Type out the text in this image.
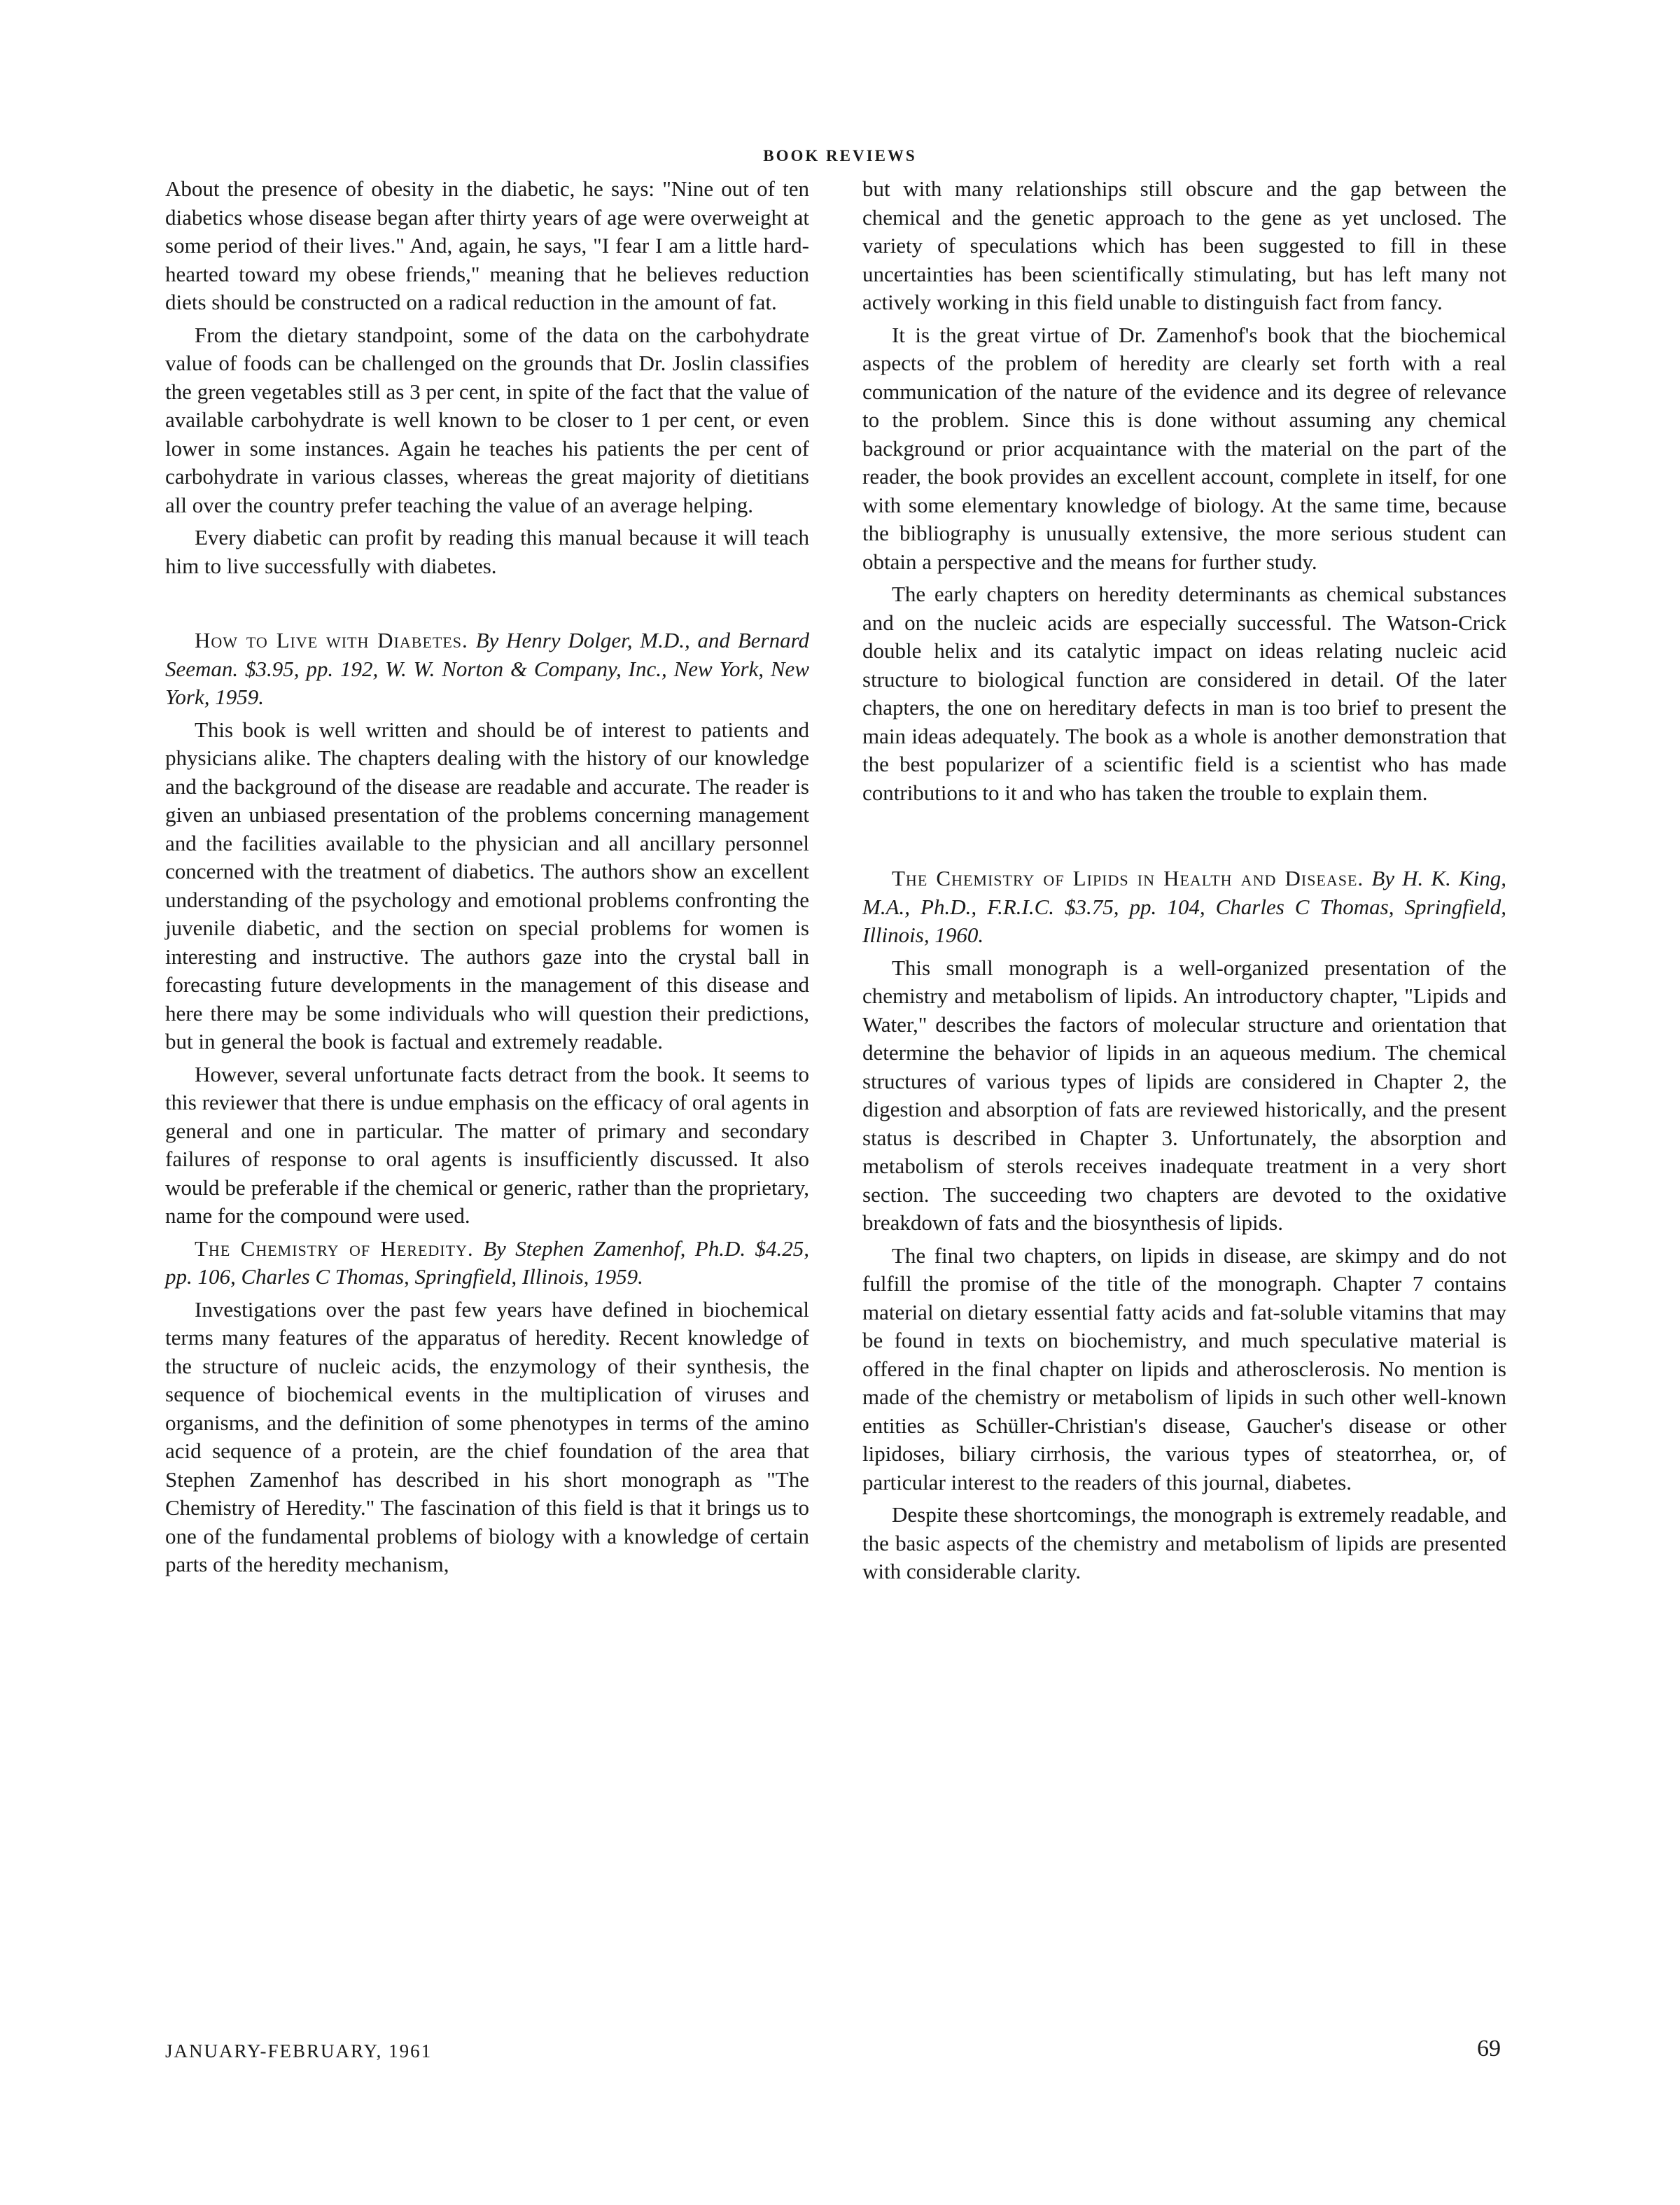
BOOK REVIEWS

About the presence of obesity in the diabetic, he says: "Nine out of ten diabetics whose disease began after thirty years of age were overweight at some period of their lives." And, again, he says, "I fear I am a little hard-hearted toward my obese friends," meaning that he believes reduction diets should be constructed on a radical reduction in the amount of fat.

From the dietary standpoint, some of the data on the carbohydrate value of foods can be challenged on the grounds that Dr. Joslin classifies the green vegetables still as 3 per cent, in spite of the fact that the value of available carbohydrate is well known to be closer to 1 per cent, or even lower in some instances. Again he teaches his patients the per cent of carbohydrate in various classes, whereas the great majority of dietitians all over the country prefer teaching the value of an average helping.

Every diabetic can profit by reading this manual because it will teach him to live successfully with diabetes.

How to Live with Diabetes. By Henry Dolger, M.D., and Bernard Seeman. $3.95, pp. 192, W. W. Norton & Company, Inc., New York, New York, 1959.

This book is well written and should be of interest to patients and physicians alike. The chapters dealing with the history of our knowledge and the background of the disease are readable and accurate. The reader is given an unbiased presentation of the problems concerning management and the facilities available to the physician and all ancillary personnel concerned with the treatment of diabetics. The authors show an excellent understanding of the psychology and emotional problems confronting the juvenile diabetic, and the section on special problems for women is interesting and instructive. The authors gaze into the crystal ball in forecasting future developments in the management of this disease and here there may be some individuals who will question their predictions, but in general the book is factual and extremely readable.

However, several unfortunate facts detract from the book. It seems to this reviewer that there is undue emphasis on the efficacy of oral agents in general and one in particular. The matter of primary and secondary failures of response to oral agents is insufficiently discussed. It also would be preferable if the chemical or generic, rather than the proprietary, name for the compound were used.

The Chemistry of Heredity. By Stephen Zamenhof, Ph.D. $4.25, pp. 106, Charles C Thomas, Springfield, Illinois, 1959.

Investigations over the past few years have defined in biochemical terms many features of the apparatus of heredity. Recent knowledge of the structure of nucleic acids, the enzymology of their synthesis, the sequence of biochemical events in the multiplication of viruses and organisms, and the definition of some phenotypes in terms of the amino acid sequence of a protein, are the chief foundation of the area that Stephen Zamenhof has described in his short monograph as "The Chemistry of Heredity." The fascination of this field is that it brings us to one of the fundamental problems of biology with a knowledge of certain parts of the heredity mechanism,

but with many relationships still obscure and the gap between the chemical and the genetic approach to the gene as yet unclosed. The variety of speculations which has been suggested to fill in these uncertainties has been scientifically stimulating, but has left many not actively working in this field unable to distinguish fact from fancy.

It is the great virtue of Dr. Zamenhof's book that the biochemical aspects of the problem of heredity are clearly set forth with a real communication of the nature of the evidence and its degree of relevance to the problem. Since this is done without assuming any chemical background or prior acquaintance with the material on the part of the reader, the book provides an excellent account, complete in itself, for one with some elementary knowledge of biology. At the same time, because the bibliography is unusually extensive, the more serious student can obtain a perspective and the means for further study.

The early chapters on heredity determinants as chemical substances and on the nucleic acids are especially successful. The Watson-Crick double helix and its catalytic impact on ideas relating nucleic acid structure to biological function are considered in detail. Of the later chapters, the one on hereditary defects in man is too brief to present the main ideas adequately. The book as a whole is another demonstration that the best popularizer of a scientific field is a scientist who has made contributions to it and who has taken the trouble to explain them.

The Chemistry of Lipids in Health and Disease. By H. K. King, M.A., Ph.D., F.R.I.C. $3.75, pp. 104, Charles C Thomas, Springfield, Illinois, 1960.

This small monograph is a well-organized presentation of the chemistry and metabolism of lipids. An introductory chapter, "Lipids and Water," describes the factors of molecular structure and orientation that determine the behavior of lipids in an aqueous medium. The chemical structures of various types of lipids are considered in Chapter 2, the digestion and absorption of fats are reviewed historically, and the present status is described in Chapter 3. Unfortunately, the absorption and metabolism of sterols receives inadequate treatment in a very short section. The succeeding two chapters are devoted to the oxidative breakdown of fats and the biosynthesis of lipids.

The final two chapters, on lipids in disease, are skimpy and do not fulfill the promise of the title of the monograph. Chapter 7 contains material on dietary essential fatty acids and fat-soluble vitamins that may be found in texts on biochemistry, and much speculative material is offered in the final chapter on lipids and atherosclerosis. No mention is made of the chemistry or metabolism of lipids in such other well-known entities as Schüller-Christian's disease, Gaucher's disease or other lipidoses, biliary cirrhosis, the various types of steatorrhea, or, of particular interest to the readers of this journal, diabetes.

Despite these shortcomings, the monograph is extremely readable, and the basic aspects of the chemistry and metabolism of lipids are presented with considerable clarity.

JANUARY-FEBRUARY, 1961	69
